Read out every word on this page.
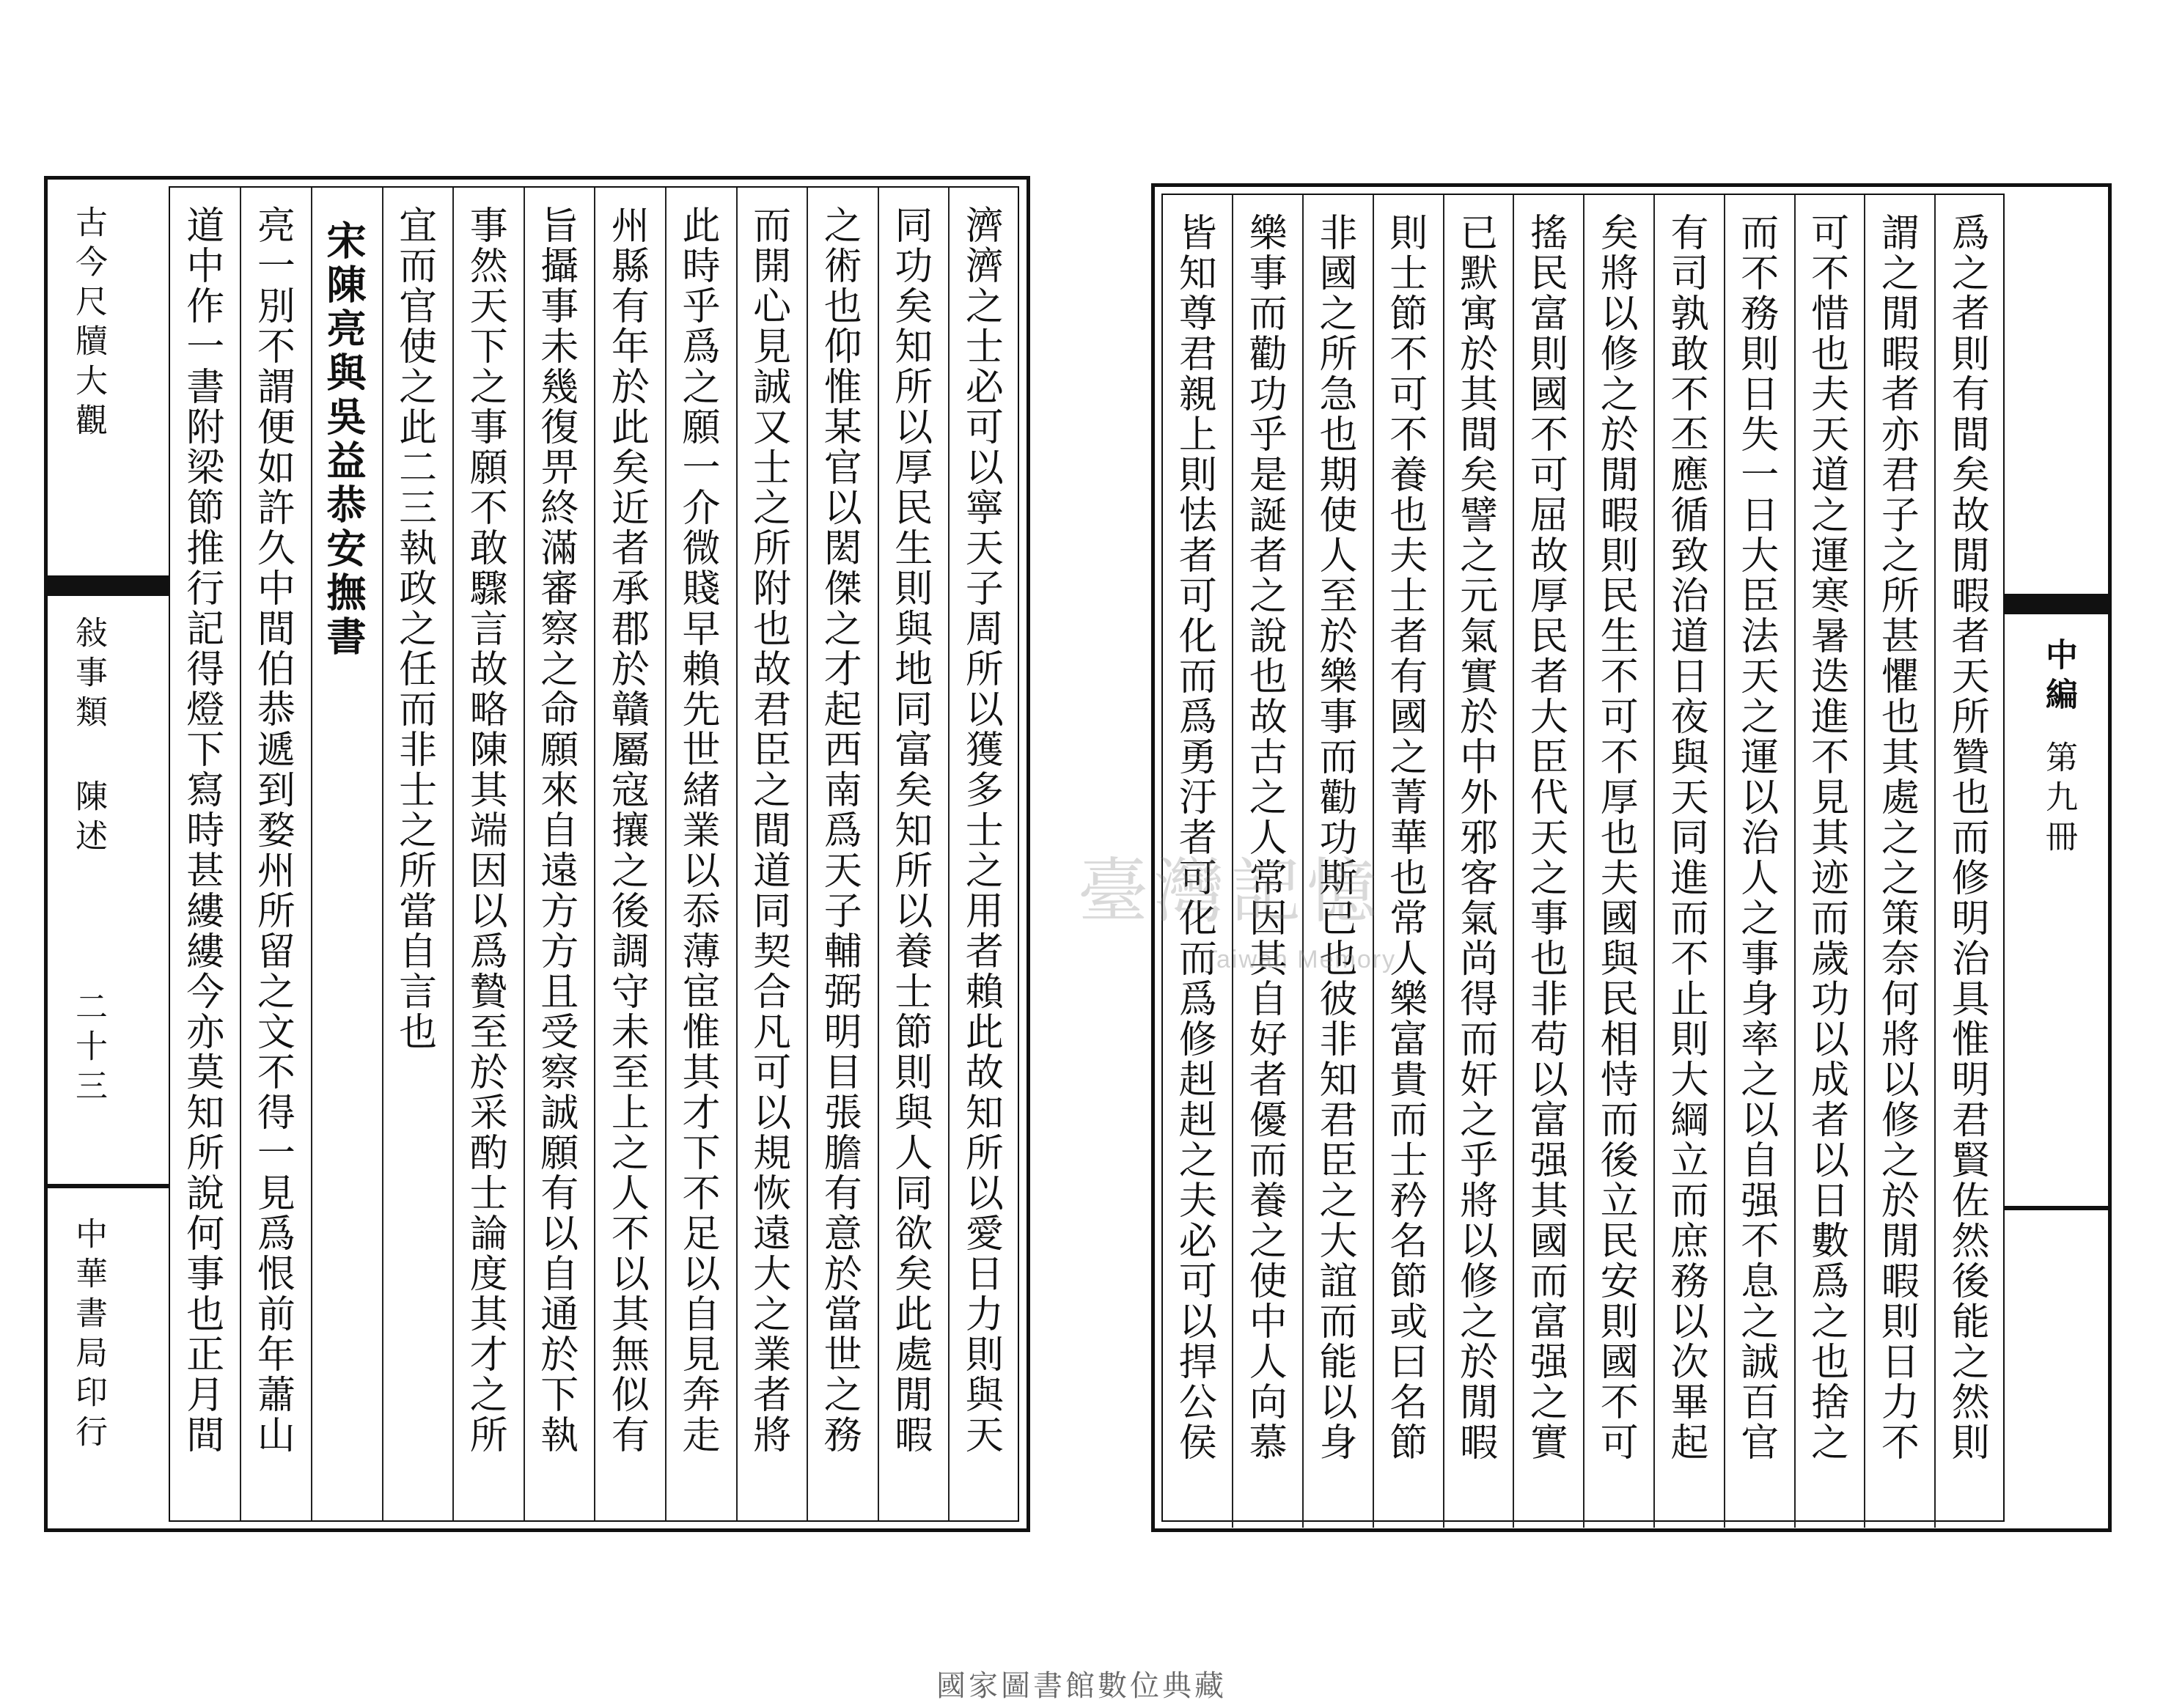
古今尺牘大觀
敍事類 陳述
二十三
中華書局印行	濟濟之士必可以寧天子周所以獲多士之用者賴此故知所以愛日力則與天
同功矣知所以厚民生則與地同富矣知所以養士節則與人同欲矣此處閒暇
之術也仰惟某官以閎傑之才起西南爲天子輔弼明目張膽有意於當世之務
而開心見誠又士之所附也故君臣之間道同契合凡可以規恢遠大之業者將
此時乎爲之願一介微賤早賴先世緒業以忝薄宦惟其才下不足以自見奔走
州縣有年於此矣近者承郡於贛屬寇攘之後調守未至上之人不以其無似有
旨攝事未幾復畀終滿審察之命願來自遠方方且受察誠願有以自通於下執
事然天下之事願不敢驟言故略陳其端因以爲贄至於采酌士論度其才之所
宜而官使之此二三執政之任而非士之所當自言也
宋陳亮與吳益恭安撫書
亮一別不謂便如許久中間伯恭遞到婺州所留之文不得一見爲恨前年蕭山
道中作一書附梁節推行記得燈下寫時甚縷縷今亦莫知所說何事也正月間	中編
第九冊
爲之者則有間矣故閒暇者天所贊也而修明治具惟明君賢佐然後能之然則
謂之閒暇者亦君子之所甚懼也其處之之策奈何將以修之於閒暇則日力不
可不惜也夫天道之運寒暑迭進不見其迹而歲功以成者以日數爲之也捨之
而不務則日失一日大臣法天之運以治人之事身率之以自强不息之誠百官
有司孰敢不丕應循致治道日夜與天同進而不止則大綱立而庶務以次畢起
矣將以修之於閒暇則民生不可不厚也夫國與民相恃而後立民安則國不可
搖民富則國不可屈故厚民者大臣代天之事也非苟以富强其國而富强之實
已默寓於其間矣譬之元氣實於中外邪客氣尚得而奸之乎將以修之於閒暇
則士節不可不養也夫士者有國之菁華也常人樂富貴而士矜名節或曰名節
非國之所急也期使人至於樂事而勸功斯已也彼非知君臣之大誼而能以身
樂事而勸功乎是誕者之說也故古之人常因其自好者優而養之使中人向慕
皆知尊君親上則怯者可化而爲勇汙者可化而爲修赳赳之夫必可以捍公侯
臺灣記憶
Taiwan Memory
國家圖書館數位典藏
